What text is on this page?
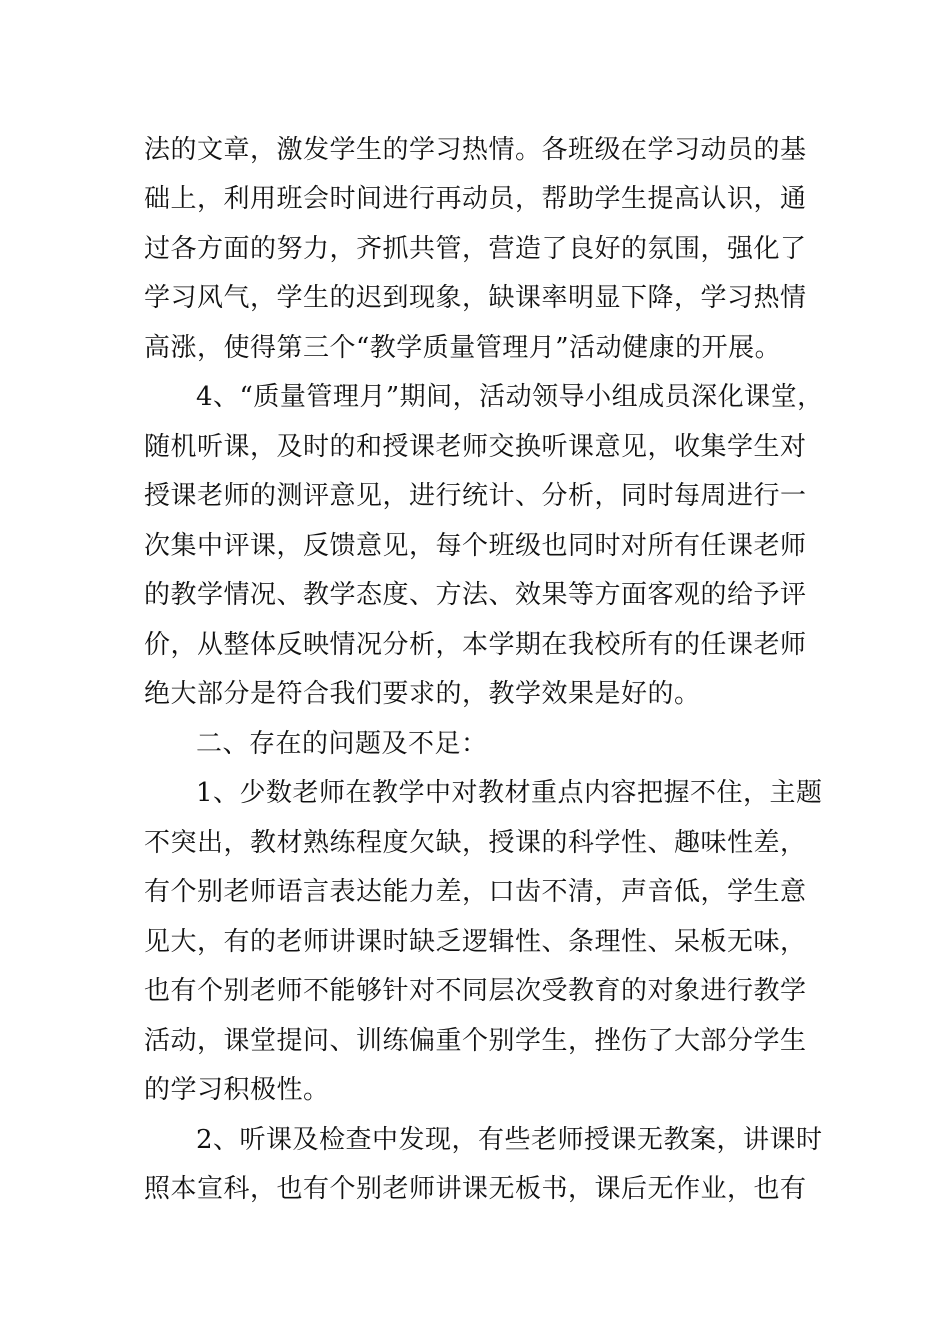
法的文章，激发学生的学习热情。各班级在学习动员的基
础上，利用班会时间进行再动员，帮助学生提高认识，通
过各方面的努力，齐抓共管，营造了良好的氛围，强化了
学习风气，学生的迟到现象，缺课率明显下降，学习热情
高涨，使得第三个“教学质量管理月”活动健康的开展。
4、“质量管理月”期间，活动领导小组成员深化课堂，
随机听课，及时的和授课老师交换听课意见，收集学生对
授课老师的测评意见，进行统计、分析，同时每周进行一
次集中评课，反馈意见，每个班级也同时对所有任课老师
的教学情况、教学态度、方法、效果等方面客观的给予评
价，从整体反映情况分析，本学期在我校所有的任课老师
绝大部分是符合我们要求的，教学效果是好的。
二、存在的问题及不足：
1、少数老师在教学中对教材重点内容把握不住，主题
不突出，教材熟练程度欠缺，授课的科学性、趣味性差，
有个别老师语言表达能力差，口齿不清，声音低，学生意
见大，有的老师讲课时缺乏逻辑性、条理性、呆板无味，
也有个别老师不能够针对不同层次受教育的对象进行教学
活动，课堂提问、训练偏重个别学生，挫伤了大部分学生
的学习积极性。
2、听课及检查中发现，有些老师授课无教案，讲课时
照本宣科，也有个别老师讲课无板书，课后无作业，也有
